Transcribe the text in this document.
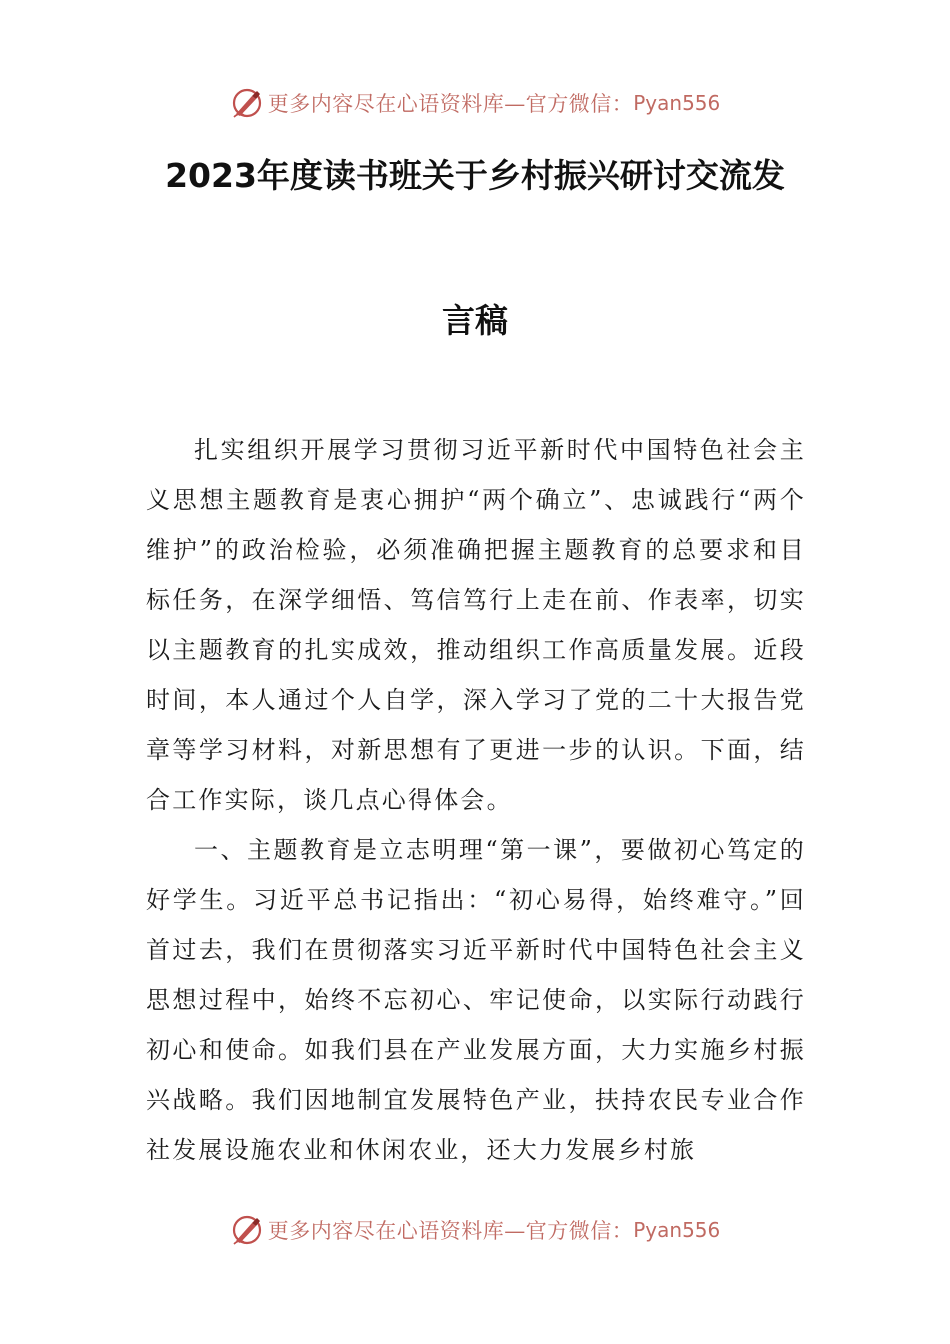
更多内容尽在心语资料库—官方微信： Pyan556
2023年度读书班关于乡村振兴研讨交流发
言稿

扎实组织开展学习贯彻习近平新时代中国特色社会主义思想主题教育是衷心拥护“两个确立”、忠诚践行“两个维护”的政治检验，必须准确把握主题教育的总要求和目标任务，在深学细悟、笃信笃行上走在前、作表率，切实以主题教育的扎实成效，推动组织工作高质量发展。近段时间，本人通过个人自学，深入学习了党的二十大报告党章等学习材料，对新思想有了更进一步的认识。下面，结合工作实际，谈几点心得体会。

一、主题教育是立志明理“第一课”，要做初心笃定的好学生。习近平总书记指出：“初心易得，始终难守。”回首过去，我们在贯彻落实习近平新时代中国特色社会主义思想过程中，始终不忘初心、牢记使命，以实际行动践行初心和使命。如我们县在产业发展方面，大力实施乡村振兴战略。我们因地制宜发展特色产业，扶持农民专业合作社发展设施农业和休闲农业，还大力发展乡村旅

更多内容尽在心语资料库—官方微信： Pyan556
